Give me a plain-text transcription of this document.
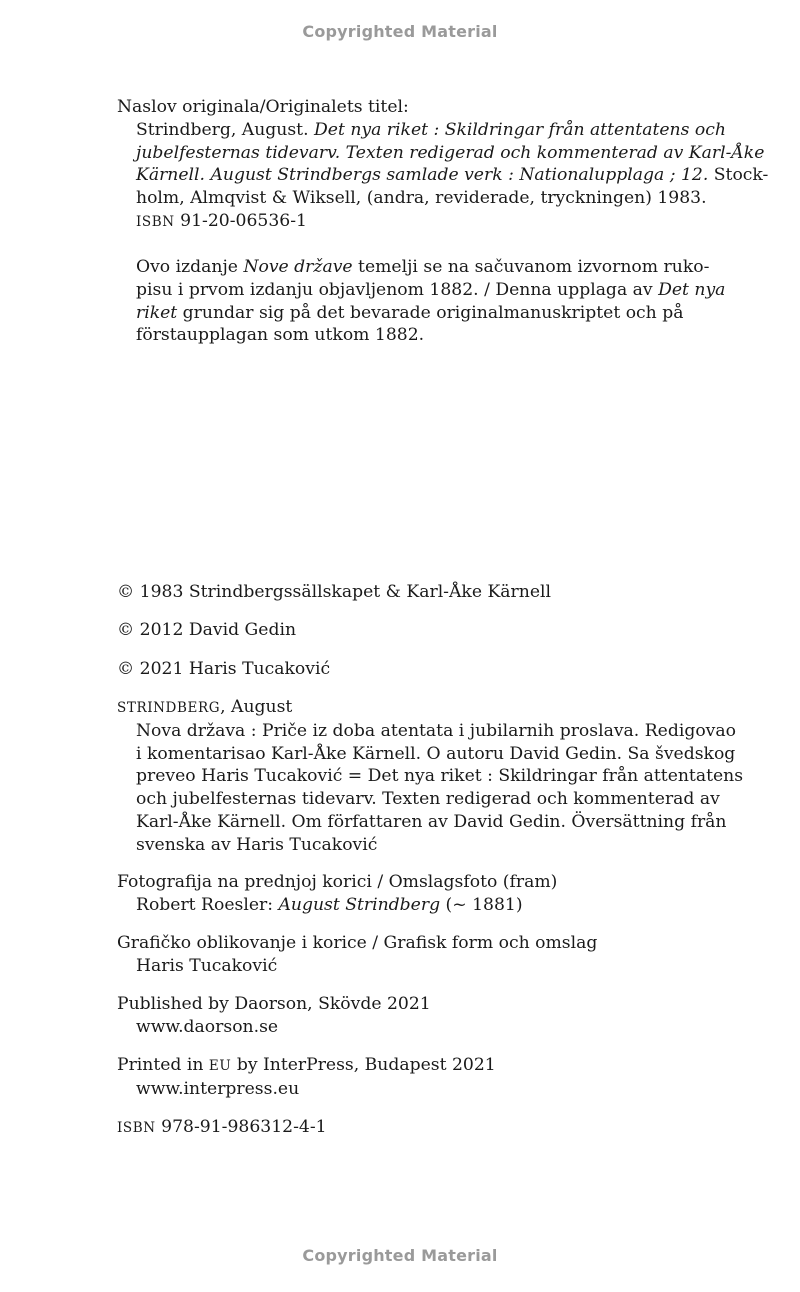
Copyrighted Material
Naslov originala/Originalets titel:
Strindberg, August. Det nya riket : Skildringar från attentatens och
jubelfesternas tidevarv. Texten redigerad och kommenterad av Karl-Åke
Kärnell. August Strindbergs samlade verk : Nationalupplaga ; 12. Stock-
holm, Almqvist & Wiksell, (andra, reviderade, tryckningen) 1983.
ISBN 91-20-06536-1
Ovo izdanje Nove države temelji se na sačuvanom izvornom ruko-
pisu i prvom izdanju objavljenom 1882. / Denna upplaga av Det nya
riket grundar sig på det bevarade originalmanuskriptet och på
förstaupplagan som utkom 1882.
© 1983 Strindbergssällskapet & Karl-Åke Kärnell
© 2012 David Gedin
© 2021 Haris Tucaković
STRINDBERG, August
Nova država : Priče iz doba atentata i jubilarnih proslava. Redigovao
i komentarisao Karl-Åke Kärnell. O autoru David Gedin. Sa švedskog
preveo Haris Tucaković = Det nya riket : Skildringar från attentatens
och jubelfesternas tidevarv. Texten redigerad och kommenterad av
Karl-Åke Kärnell. Om författaren av David Gedin. Översättning från
svenska av Haris Tucaković
Fotografija na prednjoj korici / Omslagsfoto (fram)
Robert Roesler: August Strindberg (~ 1881)
Grafičko oblikovanje i korice / Grafisk form och omslag
Haris Tucaković
Published by Daorson, Skövde 2021
www.daorson.se
Printed in EU by InterPress, Budapest 2021
www.interpress.eu
ISBN 978-91-986312-4-1
Copyrighted Material
